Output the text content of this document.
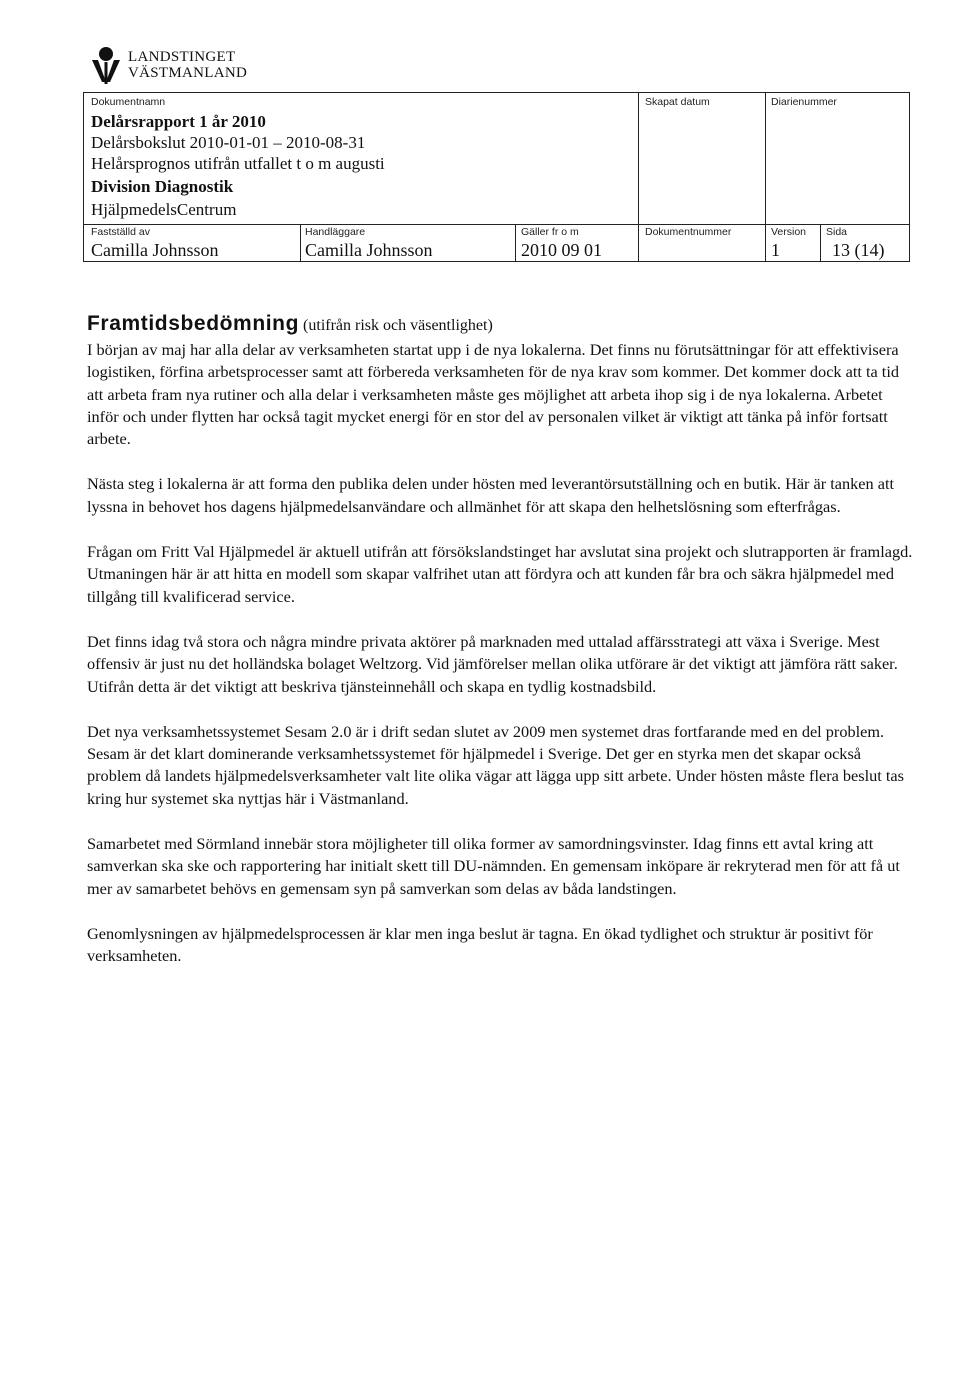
LANDSTINGET
VÄSTMANLAND
Dokumentnamn
Delårsrapport 1 år 2010
Delårsbokslut 2010-01-01 – 2010-08-31
Helårsprognos utifrån utfallet t o m augusti
Division Diagnostik
HjälpmedelsCentrum
Skapat datum	Diarienummer
Fastställd av
Camilla Johnsson
Handläggare
Camilla Johnsson
Gäller fr o m
2010 09 01
Dokumentnummer	Version
1
Sida
13 (14)
Framtidsbedömning (utifrån risk och väsentlighet)

I början av maj har alla delar av verksamheten startat upp i de nya lokalerna. Det finns nu förutsättningar för att effektivisera logistiken, förfina arbetsprocesser samt att förbereda verksamheten för de nya krav som kommer. Det kommer dock att ta tid att arbeta fram nya rutiner och alla delar i verksamheten måste ges möjlighet att arbeta ihop sig i de nya lokalerna. Arbetet inför och under flytten har också tagit mycket energi för en stor del av personalen vilket är viktigt att tänka på inför fortsatt arbete.

Nästa steg i lokalerna är att forma den publika delen under hösten med leverantörsutställning och en butik. Här är tanken att lyssna in behovet hos dagens hjälpmedelsanvändare och allmänhet för att skapa den helhetslösning som efterfrågas.

Frågan om Fritt Val Hjälpmedel är aktuell utifrån att försökslandstinget har avslutat sina projekt och slutrapporten är framlagd. Utmaningen här är att hitta en modell som skapar valfrihet utan att fördyra och att kunden får bra och säkra hjälpmedel med tillgång till kvalificerad service.

Det finns idag två stora och några mindre privata aktörer på marknaden med uttalad affärsstrategi att växa i Sverige. Mest offensiv är just nu det holländska bolaget Weltzorg. Vid jämförelser mellan olika utförare är det viktigt att jämföra rätt saker. Utifrån detta är det viktigt att beskriva tjänsteinnehåll och skapa en tydlig kostnadsbild.

Det nya verksamhetssystemet Sesam 2.0 är i drift sedan slutet av 2009 men systemet dras fortfarande med en del problem. Sesam är det klart dominerande verksamhetssystemet för hjälpmedel i Sverige. Det ger en styrka men det skapar också problem då landets hjälpmedelsverksamheter valt lite olika vägar att lägga upp sitt arbete. Under hösten måste flera beslut tas kring hur systemet ska nyttjas här i Västmanland.

Samarbetet med Sörmland innebär stora möjligheter till olika former av samordningsvinster. Idag finns ett avtal kring att samverkan ska ske och rapportering har initialt skett till DU-nämnden. En gemensam inköpare är rekryterad men för att få ut mer av samarbetet behövs en gemensam syn på samverkan som delas av båda landstingen.

Genomlysningen av hjälpmedelsprocessen är klar men inga beslut är tagna. En ökad tydlighet och struktur är positivt för verksamheten.
